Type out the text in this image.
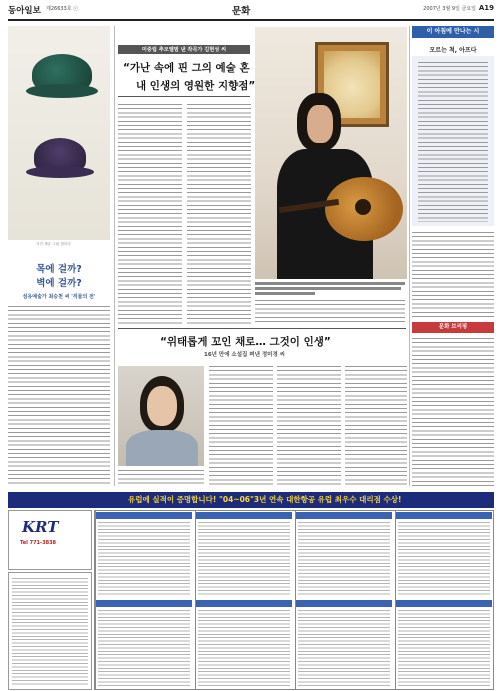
동아일보 제26633호 ⓒ	문화	2007년 3월 9일 금요일 A19
사진 제공 그림 갤러리
목에 걸까?
벽에 걸까?
섬유예술가 최승천 씨 '직물의 전'
미중립 추모앨범 낸 작곡가 김현성 씨
“가난 속에 핀 그의 예술 혼
내 인생의 영원한 지향점”
이 아침에 만나는 시
모르는 척, 아프다
문화 브리핑
“위태롭게 꼬인 채로… 그것이 인생”
16년 만에 소설집 펴낸 정미경 씨
유럽에 실적이 증명합니다! "04~06"3년 연속 대한항공 유럽 최우수 대리점 수상!
KRT
Tel 771-3838
